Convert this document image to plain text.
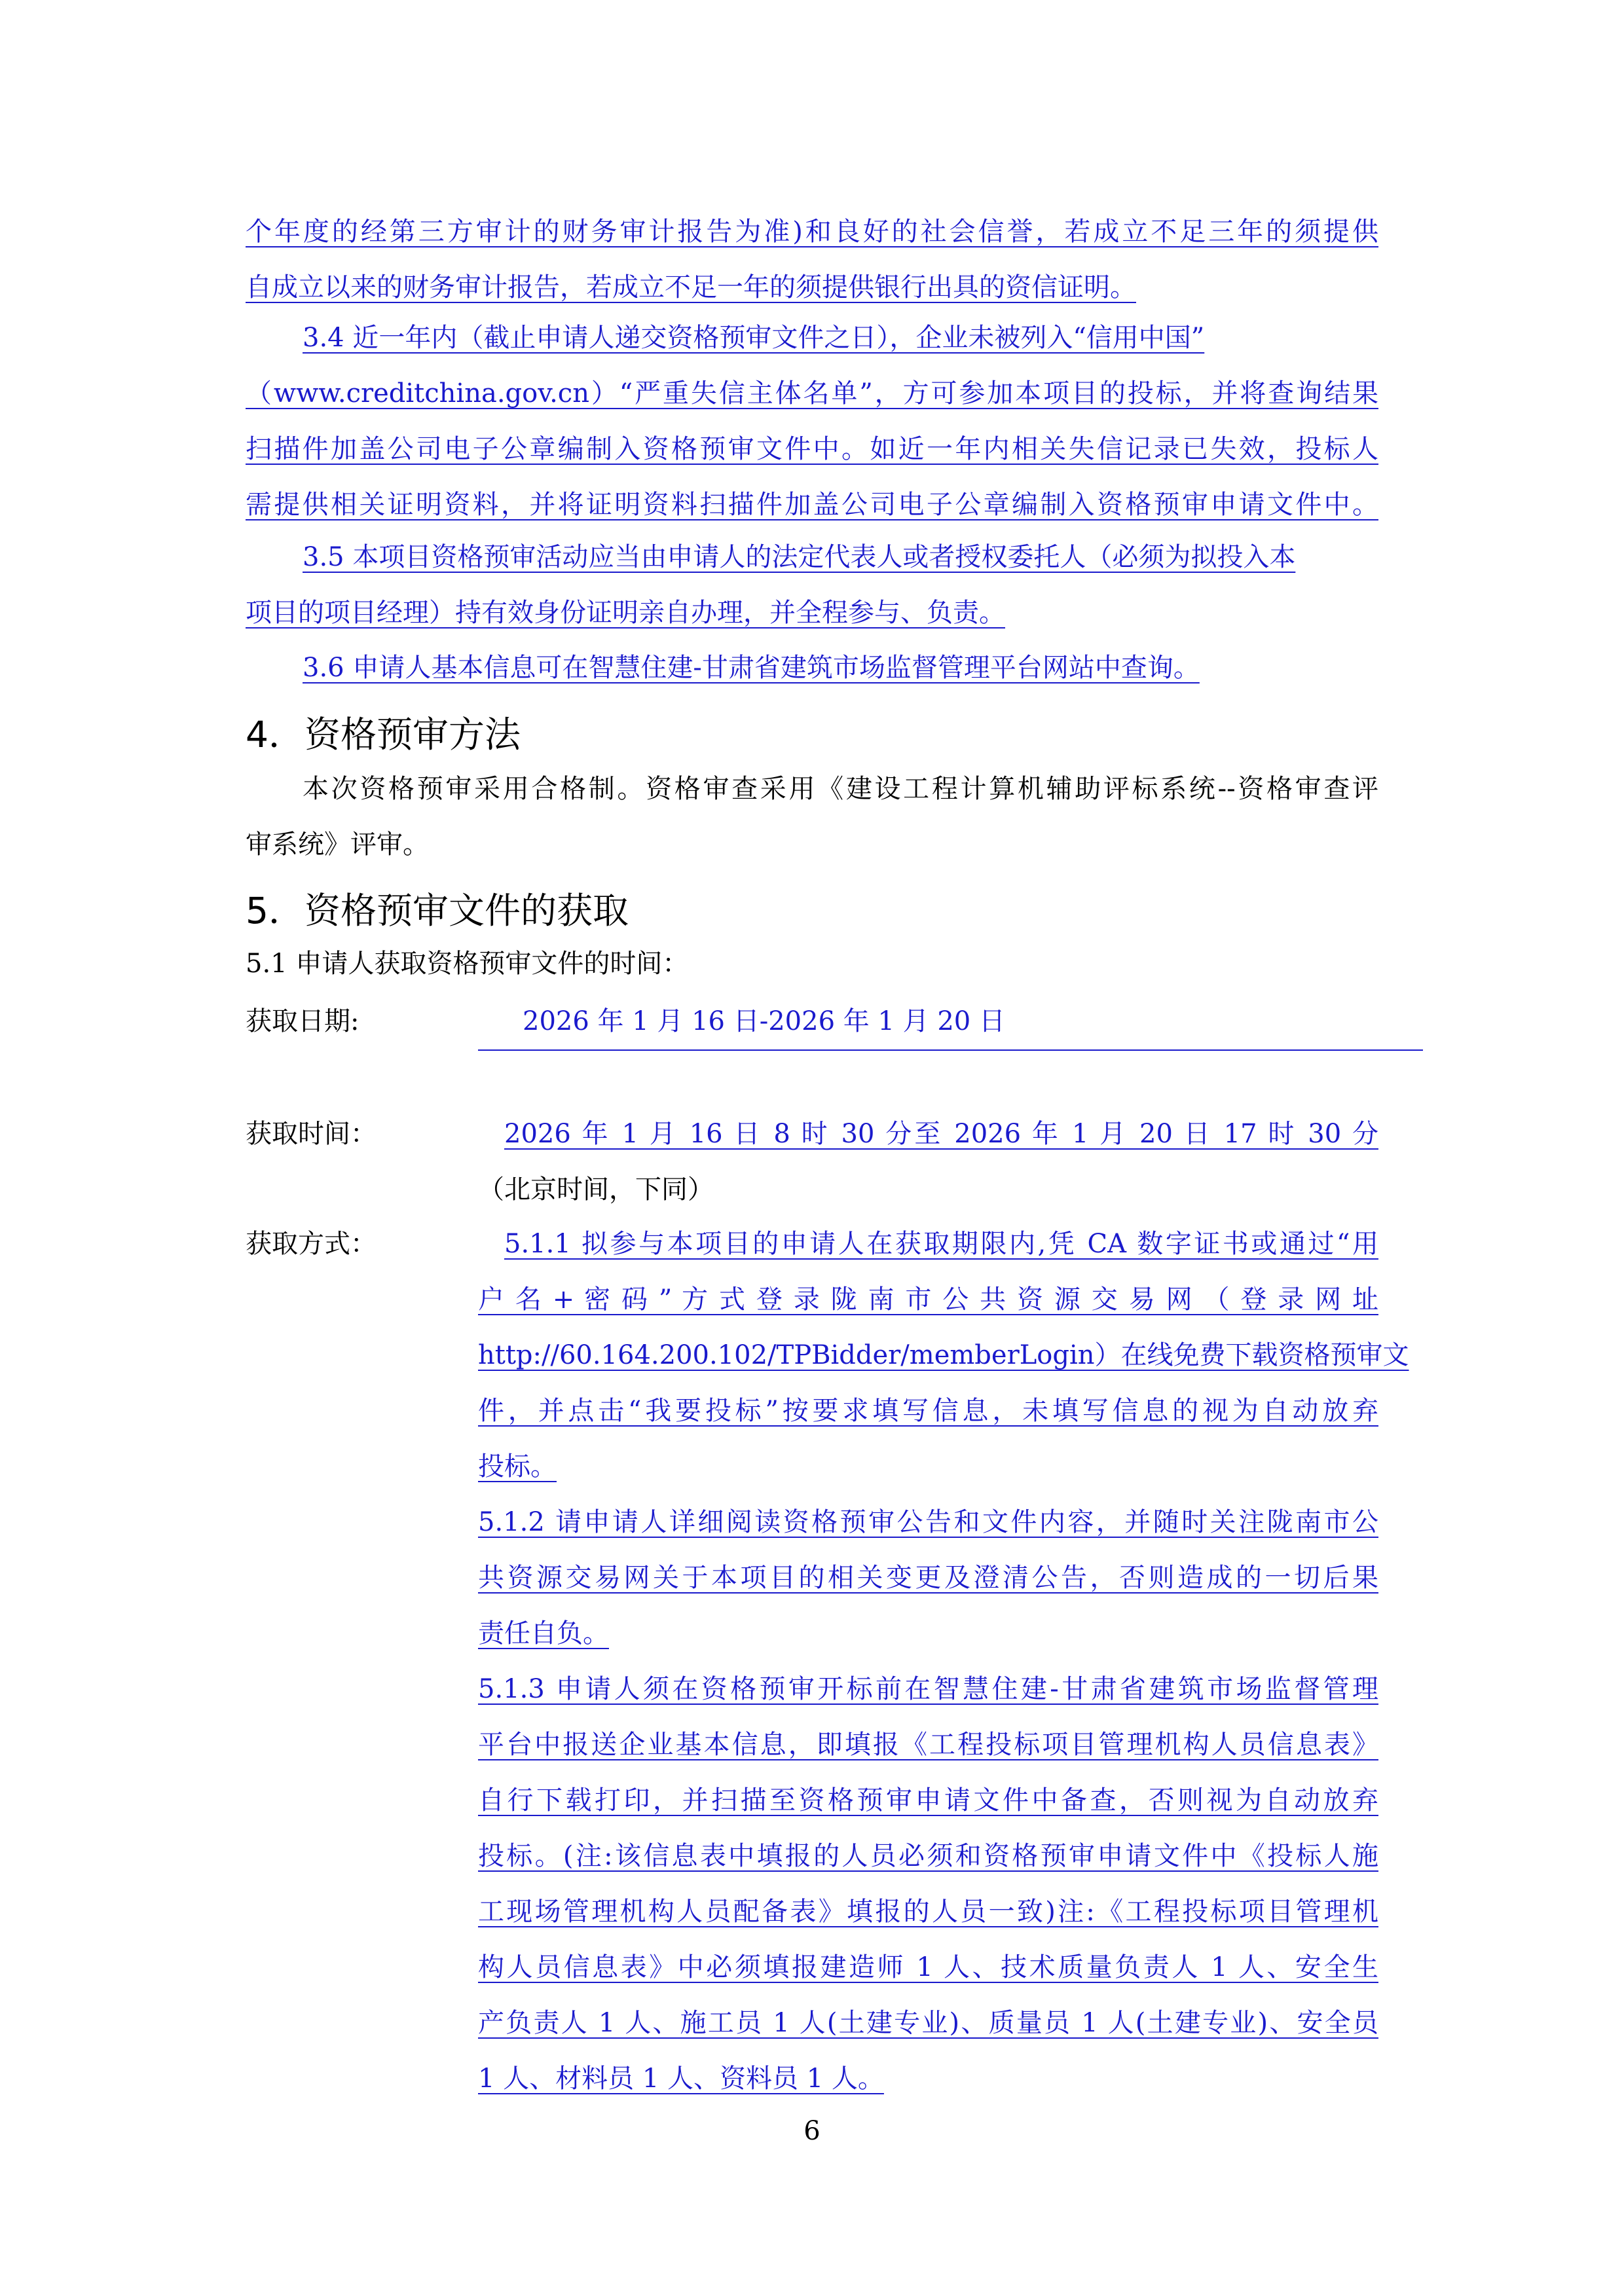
个年度的经第三方审计的财务审计报告为准)和良好的社会信誉，若成立不足三年的须提供
自成立以来的财务审计报告，若成立不足一年的须提供银行出具的资信证明。
3.4 近一年内（截止申请人递交资格预审文件之日），企业未被列入“信用中国”
（www.creditchina.gov.cn）“严重失信主体名单”，方可参加本项目的投标，并将查询结果
扫描件加盖公司电子公章编制入资格预审文件中。如近一年内相关失信记录已失效，投标人
需提供相关证明资料，并将证明资料扫描件加盖公司电子公章编制入资格预审申请文件中。
3.5 本项目资格预审活动应当由申请人的法定代表人或者授权委托人（必须为拟投入本
项目的项目经理）持有效身份证明亲自办理，并全程参与、负责。
3.6 申请人基本信息可在智慧住建-甘肃省建筑市场监督管理平台网站中查询。
4．资格预审方法
本次资格预审采用合格制。资格审查采用《建设工程计算机辅助评标系统--资格审查评
审系统》评审。
5．资格预审文件的获取
5.1 申请人获取资格预审文件的时间：
获取日期:	2026 年 1 月 16 日-2026 年 1 月 20 日
获取时间：	2026 年 1 月 16 日 8 时 30 分至 2026 年 1 月 20 日 17 时 30 分
（北京时间，下同）
获取方式：	5.1.1 拟参与本项目的申请人在获取期限内,凭 CA 数字证书或通过“用
户 名 + 密 码 ” 方 式 登 录 陇 南 市 公 共 资 源 交 易 网 （ 登 录 网 址
http://60.164.200.102/TPBidder/memberLogin）在线免费下载资格预审文
件，并点击“我要投标”按要求填写信息，未填写信息的视为自动放弃
投标。
5.1.2 请申请人详细阅读资格预审公告和文件内容，并随时关注陇南市公
共资源交易网关于本项目的相关变更及澄清公告，否则造成的一切后果
责任自负。
5.1.3 申请人须在资格预审开标前在智慧住建-甘肃省建筑市场监督管理
平台中报送企业基本信息，即填报《工程投标项目管理机构人员信息表》
自行下载打印，并扫描至资格预审申请文件中备查，否则视为自动放弃
投标。(注:该信息表中填报的人员必须和资格预审申请文件中《投标人施
工现场管理机构人员配备表》填报的人员一致)注:《工程投标项目管理机
构人员信息表》中必须填报建造师 1 人、技术质量负责人 1 人、安全生
产负责人 1 人、施工员 1 人(土建专业)、质量员 1 人(土建专业)、安全员
1 人、材料员 1 人、资料员 1 人。
6
